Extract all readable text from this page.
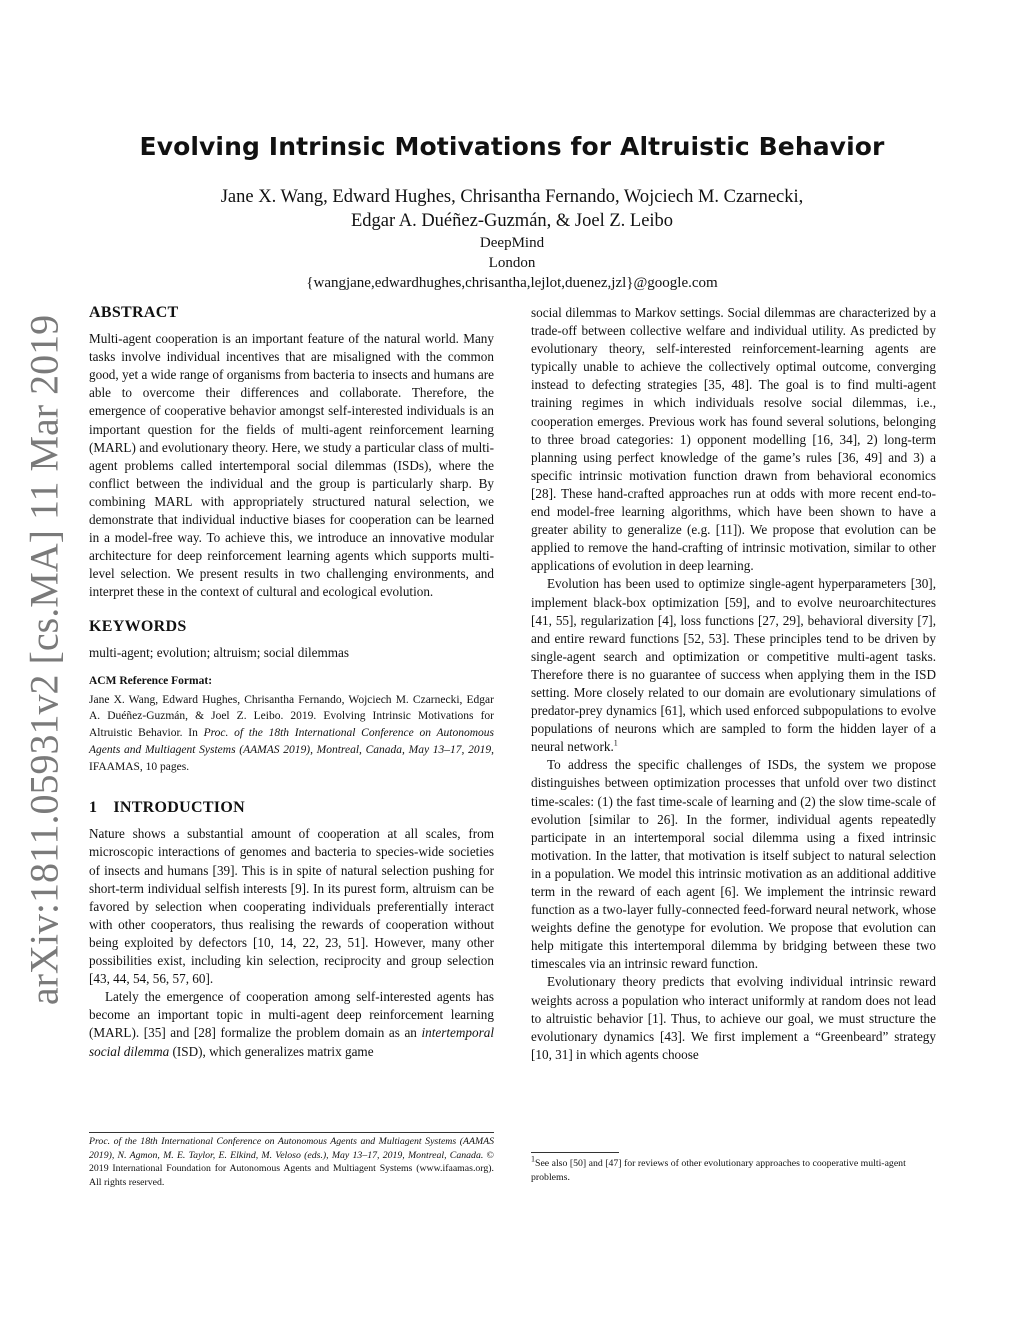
arXiv:1811.05931v2 [cs.MA] 11 Mar 2019
Evolving Intrinsic Motivations for Altruistic Behavior
Jane X. Wang, Edward Hughes, Chrisantha Fernando, Wojciech M. Czarnecki,
Edgar A. Duéñez-Guzmán, & Joel Z. Leibo
DeepMind
London
{wangjane,edwardhughes,chrisantha,lejlot,duenez,jzl}@google.com
ABSTRACT

Multi-agent cooperation is an important feature of the natural world. Many tasks involve individual incentives that are misaligned with the common good, yet a wide range of organisms from bacteria to insects and humans are able to overcome their differences and collaborate. Therefore, the emergence of cooperative behavior amongst self-interested individuals is an important question for the fields of multi-agent reinforcement learning (MARL) and evolutionary theory. Here, we study a particular class of multi-agent problems called intertemporal social dilemmas (ISDs), where the conflict between the individual and the group is particularly sharp. By combining MARL with appropriately structured natural selection, we demonstrate that individual inductive biases for cooperation can be learned in a model-free way. To achieve this, we introduce an innovative modular architecture for deep reinforcement learning agents which supports multi-level selection. We present results in two challenging environments, and interpret these in the context of cultural and ecological evolution.

KEYWORDS

multi-agent; evolution; altruism; social dilemmas

ACM Reference Format:

Jane X. Wang, Edward Hughes, Chrisantha Fernando, Wojciech M. Czarnecki, Edgar A. Duéñez-Guzmán, & Joel Z. Leibo. 2019. Evolving Intrinsic Motivations for Altruistic Behavior. In Proc. of the 18th International Conference on Autonomous Agents and Multiagent Systems (AAMAS 2019), Montreal, Canada, May 13–17, 2019, IFAAMAS, 10 pages.

1 INTRODUCTION

Nature shows a substantial amount of cooperation at all scales, from microscopic interactions of genomes and bacteria to species-wide societies of insects and humans [39]. This is in spite of natural selection pushing for short-term individual selfish interests [9]. In its purest form, altruism can be favored by selection when cooperating individuals preferentially interact with other cooperators, thus realising the rewards of cooperation without being exploited by defectors [10, 14, 22, 23, 51]. However, many other possibilities exist, including kin selection, reciprocity and group selection [43, 44, 54, 56, 57, 60].

Lately the emergence of cooperation among self-interested agents has become an important topic in multi-agent deep reinforcement learning (MARL). [35] and [28] formalize the problem domain as an intertemporal social dilemma (ISD), which generalizes matrix game

social dilemmas to Markov settings. Social dilemmas are characterized by a trade-off between collective welfare and individual utility. As predicted by evolutionary theory, self-interested reinforcement-learning agents are typically unable to achieve the collectively optimal outcome, converging instead to defecting strategies [35, 48]. The goal is to find multi-agent training regimes in which individuals resolve social dilemmas, i.e., cooperation emerges. Previous work has found several solutions, belonging to three broad categories: 1) opponent modelling [16, 34], 2) long-term planning using perfect knowledge of the game’s rules [36, 49] and 3) a specific intrinsic motivation function drawn from behavioral economics [28]. These hand-crafted approaches run at odds with more recent end-to-end model-free learning algorithms, which have been shown to have a greater ability to generalize (e.g. [11]). We propose that evolution can be applied to remove the hand-crafting of intrinsic motivation, similar to other applications of evolution in deep learning.

Evolution has been used to optimize single-agent hyperparameters [30], implement black-box optimization [59], and to evolve neuroarchitectures [41, 55], regularization [4], loss functions [27, 29], behavioral diversity [7], and entire reward functions [52, 53]. These principles tend to be driven by single-agent search and optimization or competitive multi-agent tasks. Therefore there is no guarantee of success when applying them in the ISD setting. More closely related to our domain are evolutionary simulations of predator-prey dynamics [61], which used enforced subpopulations to evolve populations of neurons which are sampled to form the hidden layer of a neural network.$^1$

To address the specific challenges of ISDs, the system we propose distinguishes between optimization processes that unfold over two distinct time-scales: (1) the fast time-scale of learning and (2) the slow time-scale of evolution [similar to 26]. In the former, individual agents repeatedly participate in an intertemporal social dilemma using a fixed intrinsic motivation. In the latter, that motivation is itself subject to natural selection in a population. We model this intrinsic motivation as an additional additive term in the reward of each agent [6]. We implement the intrinsic reward function as a two-layer fully-connected feed-forward neural network, whose weights define the genotype for evolution. We propose that evolution can help mitigate this intertemporal dilemma by bridging between these two timescales via an intrinsic reward function.

Evolutionary theory predicts that evolving individual intrinsic reward weights across a population who interact uniformly at random does not lead to altruistic behavior [1]. Thus, to achieve our goal, we must structure the evolutionary dynamics [43]. We first implement a “Greenbeard” strategy [10, 31] in which agents choose

Proc. of the 18th International Conference on Autonomous Agents and Multiagent Systems (AAMAS 2019), N. Agmon, M. E. Taylor, E. Elkind, M. Veloso (eds.), May 13–17, 2019, Montreal, Canada. © 2019 International Foundation for Autonomous Agents and Multiagent Systems (www.ifaamas.org). All rights reserved.
$^1$See also [50] and [47] for reviews of other evolutionary approaches to cooperative multi-agent problems.
